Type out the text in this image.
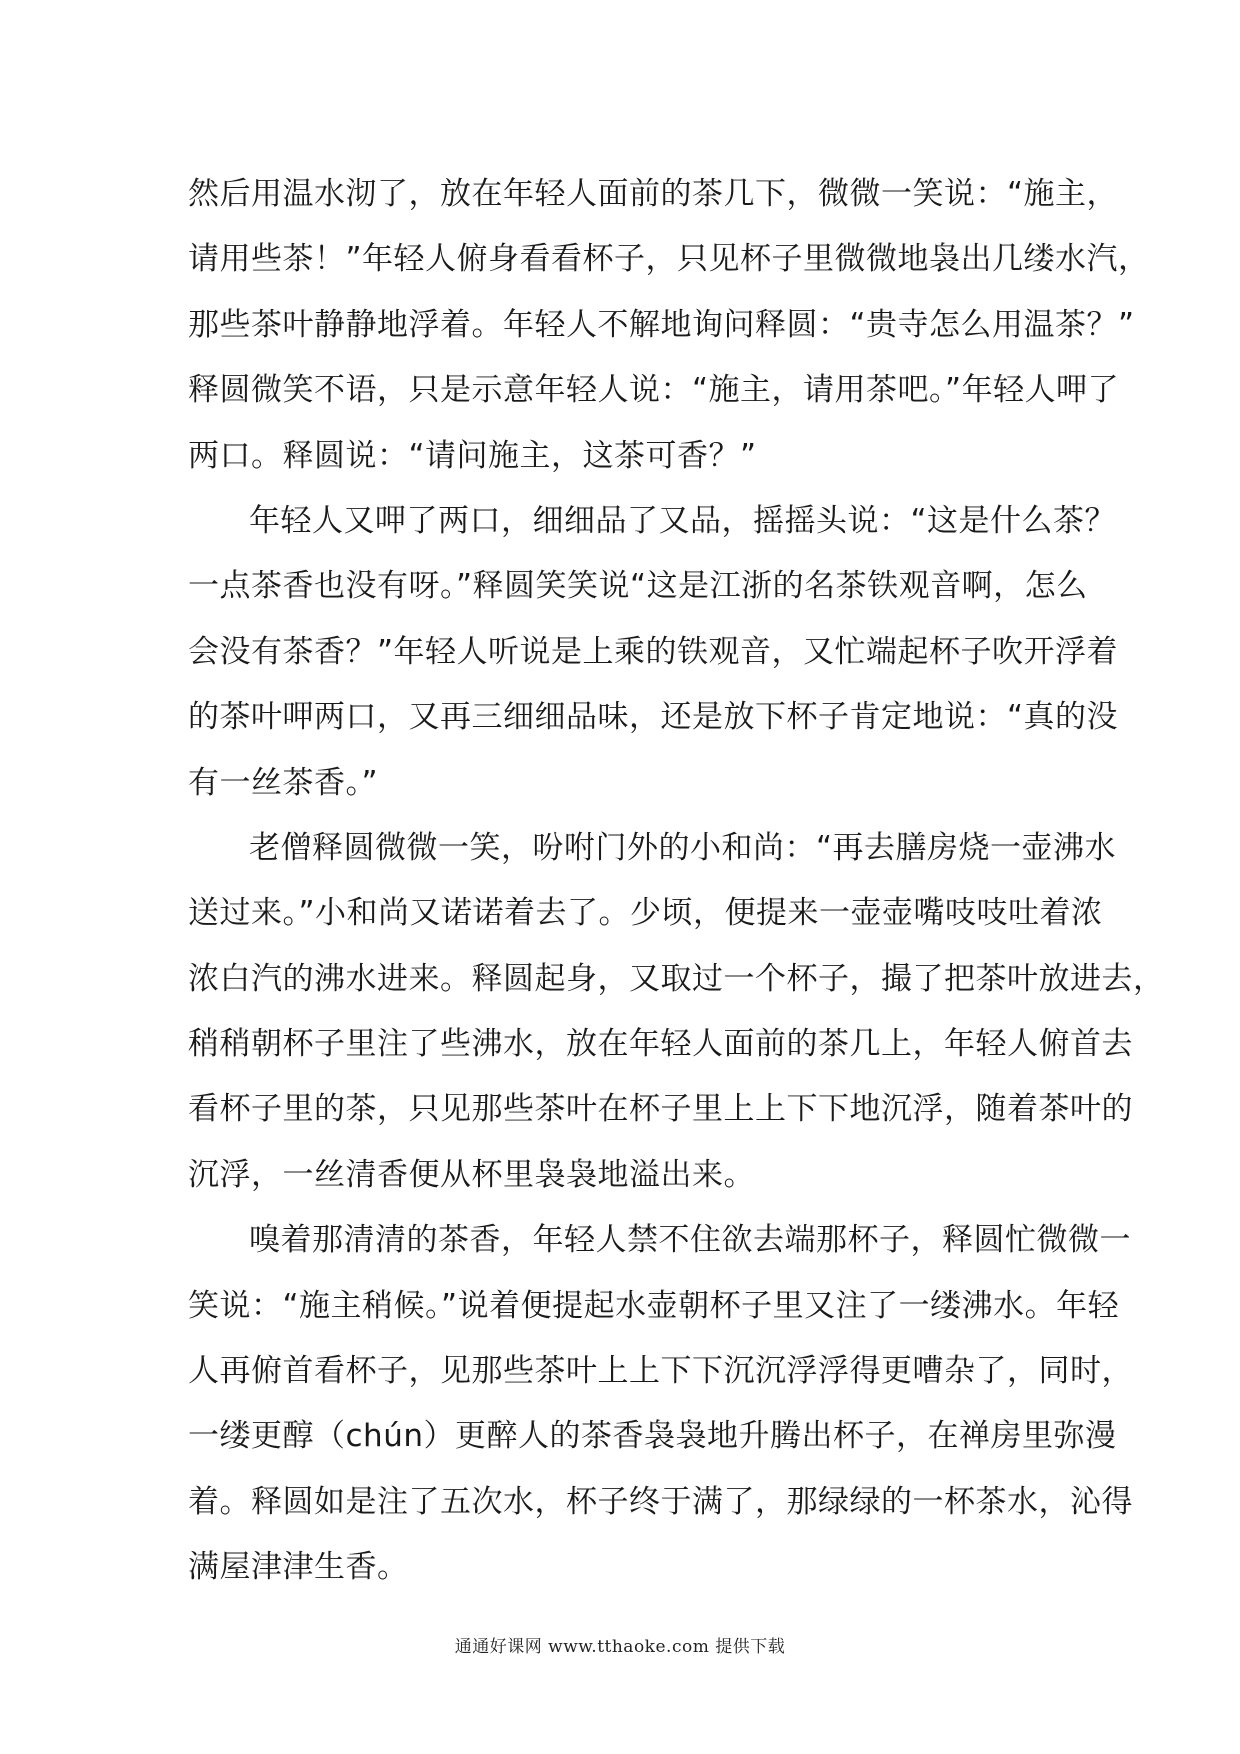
然后用温水沏了，放在年轻人面前的茶几下，微微一笑说：“施主，
请用些茶！”年轻人俯身看看杯子，只见杯子里微微地袅出几缕水汽，
那些茶叶静静地浮着。年轻人不解地询问释圆：“贵寺怎么用温茶？”
释圆微笑不语，只是示意年轻人说：“施主，请用茶吧。”年轻人呷了
两口。释圆说：“请问施主，这茶可香？”
年轻人又呷了两口，细细品了又品，摇摇头说：“这是什么茶？
一点茶香也没有呀。”释圆笑笑说“这是江浙的名茶铁观音啊，怎么
会没有茶香？”年轻人听说是上乘的铁观音，又忙端起杯子吹开浮着
的茶叶呷两口，又再三细细品味，还是放下杯子肯定地说：“真的没
有一丝茶香。”
老僧释圆微微一笑，吩咐门外的小和尚：“再去膳房烧一壶沸水
送过来。”小和尚又诺诺着去了。少顷，便提来一壶壶嘴吱吱吐着浓
浓白汽的沸水进来。释圆起身，又取过一个杯子，撮了把茶叶放进去，
稍稍朝杯子里注了些沸水，放在年轻人面前的茶几上，年轻人俯首去
看杯子里的茶，只见那些茶叶在杯子里上上下下地沉浮，随着茶叶的
沉浮，一丝清香便从杯里袅袅地溢出来。
嗅着那清清的茶香，年轻人禁不住欲去端那杯子，释圆忙微微一
笑说：“施主稍候。”说着便提起水壶朝杯子里又注了一缕沸水。年轻
人再俯首看杯子，见那些茶叶上上下下沉沉浮浮得更嘈杂了，同时，
一缕更醇（chún）更醉人的茶香袅袅地升腾出杯子，在禅房里弥漫
着。释圆如是注了五次水，杯子终于满了，那绿绿的一杯茶水，沁得
满屋津津生香。
通通好课网 www.tthaoke.com 提供下载
